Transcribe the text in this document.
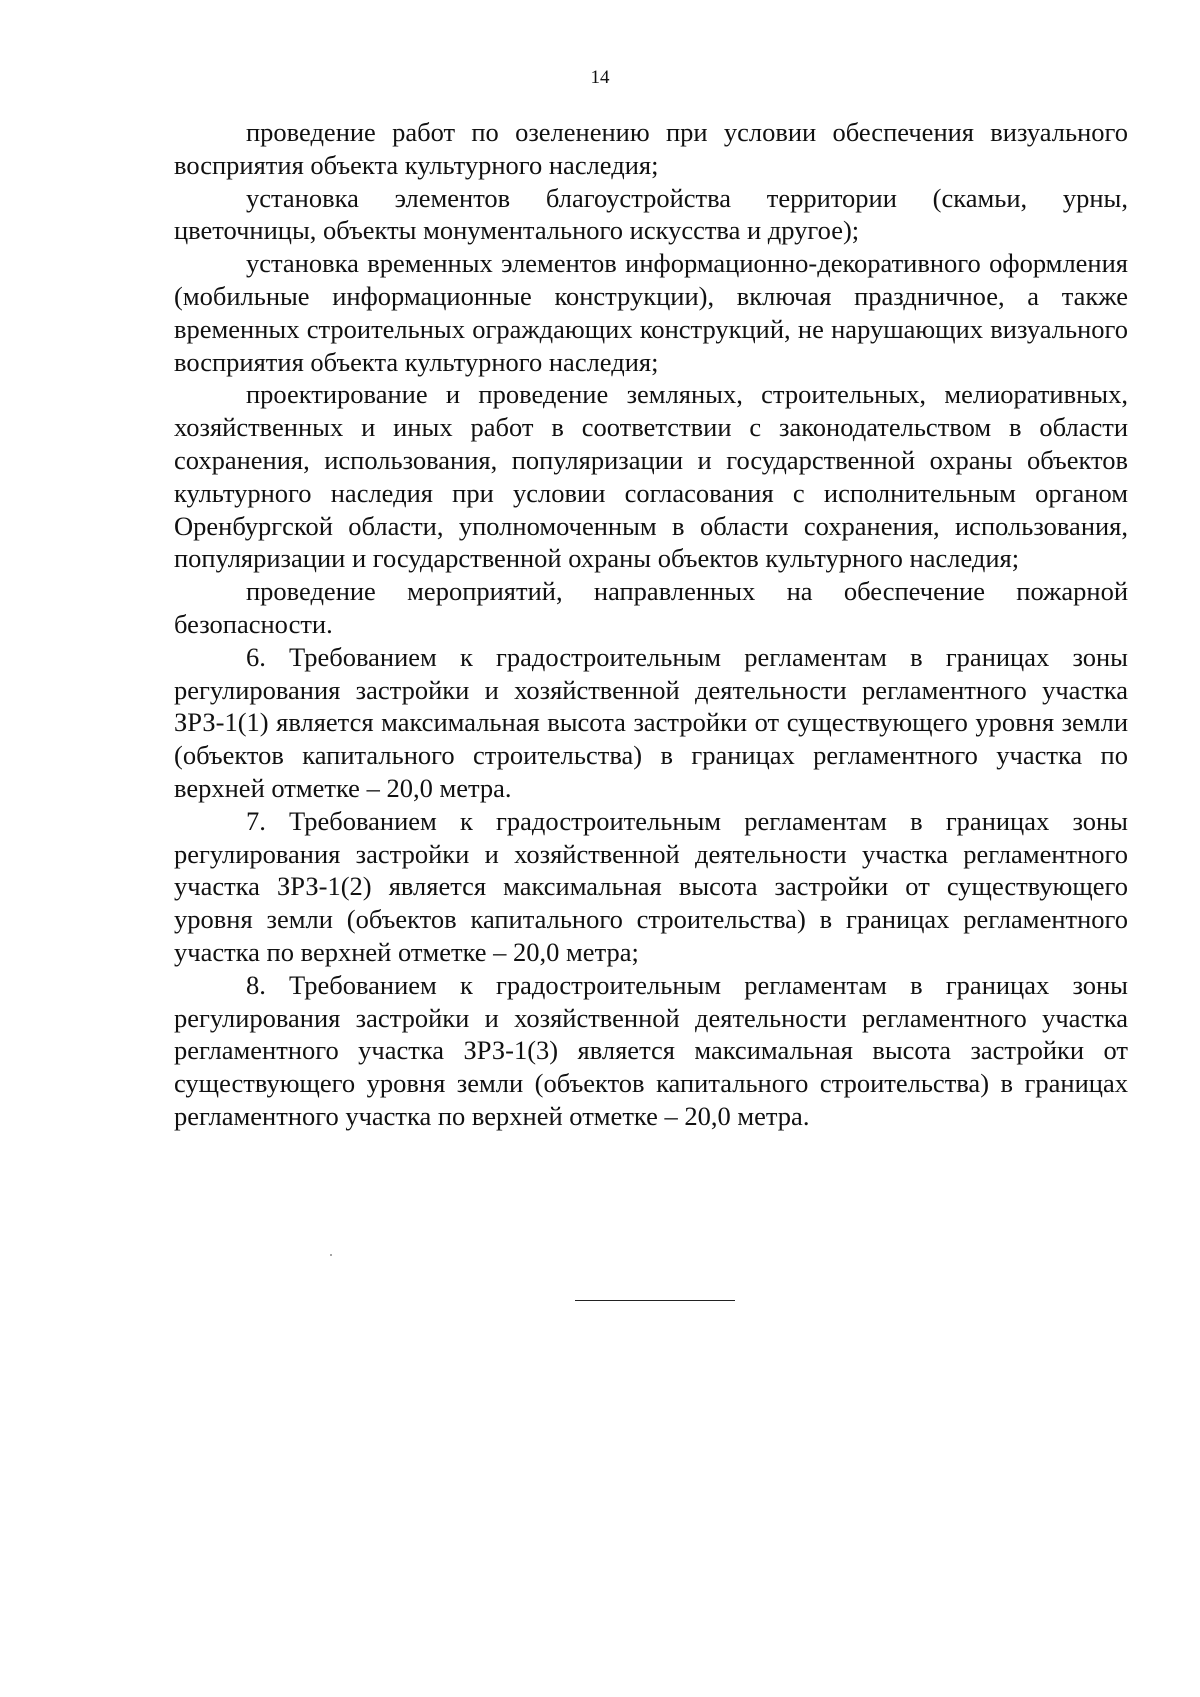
14

проведение работ по озеленению при условии обеспечения визуального восприятия объекта культурного наследия;

установка элементов благоустройства территории (скамьи, урны, цветочницы, объекты монументального искусства и другое);

установка временных элементов информационно-декоративного оформления (мобильные информационные конструкции), включая праздничное, а также временных строительных ограждающих конструкций, не нарушающих визуального восприятия объекта культурного наследия;

проектирование и проведение земляных, строительных, мелиоративных, хозяйственных и иных работ в соответствии с законодательством в области сохранения, использования, популяризации и государственной охраны объектов культурного наследия при условии согласования с исполнительным органом Оренбургской области, уполномоченным в области сохранения, использования, популяризации и государственной охраны объектов культурного наследия;

проведение мероприятий, направленных на обеспечение пожарной безопасности.

6. Требованием к градостроительным регламентам в границах зоны регулирования застройки и хозяйственной деятельности регламентного участка ЗРЗ-1(1) является максимальная высота застройки от существующего уровня земли (объектов капитального строительства) в границах регламентного участка по верхней отметке – 20,0 метра.

7. Требованием к градостроительным регламентам в границах зоны регулирования застройки и хозяйственной деятельности участка регламентного участка ЗРЗ-1(2) является максимальная высота застройки от существующего уровня земли (объектов капитального строительства) в границах регламентного участка по верхней отметке – 20,0 метра;

8. Требованием к градостроительным регламентам в границах зоны регулирования застройки и хозяйственной деятельности регламентного участка регламентного участка ЗРЗ-1(3) является максимальная высота застройки от существующего уровня земли (объектов капитального строительства) в границах регламентного участка по верхней отметке – 20,0 метра.
